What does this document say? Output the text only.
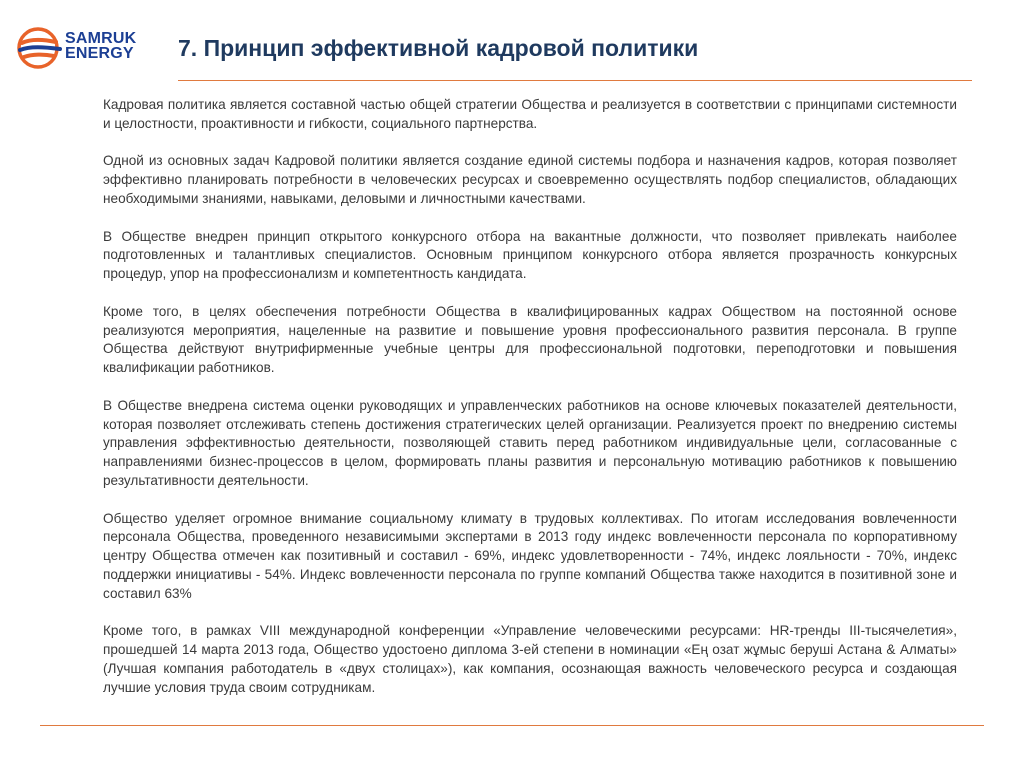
SAMRUK
ENERGY 7. Принцип эффективной кадровой политики

Кадровая политика является составной частью общей стратегии Общества и реализуется в соответствии с принципами системности и целостности, проактивности и гибкости, социального партнерства.

Одной из основных задач Кадровой политики является создание единой системы подбора и назначения кадров, которая позволяет эффективно планировать потребности в человеческих ресурсах и своевременно осуществлять подбор специалистов, обладающих необходимыми знаниями, навыками, деловыми и личностными качествами.

В Обществе внедрен принцип открытого конкурсного отбора на вакантные должности, что позволяет привлекать наиболее подготовленных и талантливых специалистов. Основным принципом конкурсного отбора является прозрачность конкурсных процедур, упор на профессионализм и компетентность кандидата.

Кроме того, в целях обеспечения потребности Общества в квалифицированных кадрах Обществом на постоянной основе реализуются мероприятия, нацеленные на развитие и повышение уровня профессионального развития персонала. В группе Общества действуют внутрифирменные учебные центры для профессиональной подготовки, переподготовки и повышения квалификации работников.

В Обществе внедрена система оценки руководящих и управленческих работников на основе ключевых показателей деятельности, которая позволяет отслеживать степень достижения стратегических целей организации. Реализуется проект по внедрению системы управления эффективностью деятельности, позволяющей ставить перед работником индивидуальные цели, согласованные с направлениями бизнес-процессов в целом, формировать планы развития и персональную мотивацию работников к повышению результативности деятельности.

Общество уделяет огромное внимание социальному климату в трудовых коллективах. По итогам исследования вовлеченности персонала Общества, проведенного независимыми экспертами в 2013 году индекс вовлеченности персонала по корпоративному центру Общества отмечен как позитивный и составил - 69%, индекс удовлетворенности - 74%, индекс лояльности - 70%, индекс поддержки инициативы - 54%. Индекс вовлеченности персонала по группе компаний Общества также находится в позитивной зоне и составил 63%

Кроме того, в рамках VIII международной конференции «Управление человеческими ресурсами: HR-тренды III-тысячелетия», прошедшей 14 марта 2013 года, Общество удостоено диплома 3-ей степени в номинации «Ең озат жұмыс беруші Астана & Алматы» (Лучшая компания работодатель в «двух столицах»), как компания, осознающая важность человеческого ресурса и создающая лучшие условия труда своим сотрудникам.
